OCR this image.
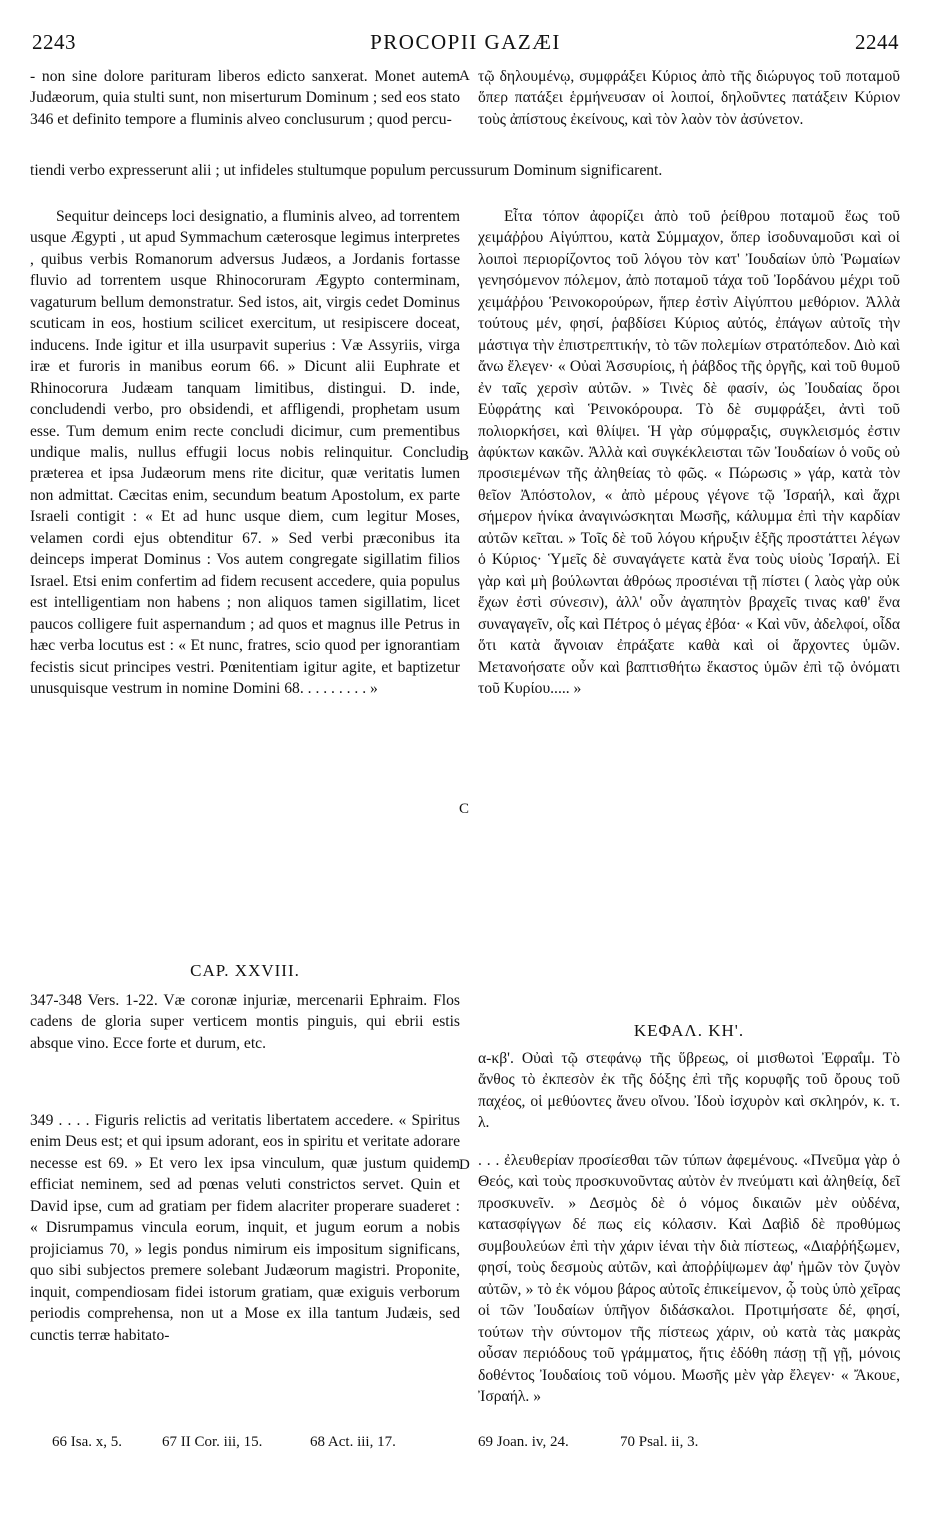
2243	PROCOPII GAZÆI	2244

- non sine dolore parituram liberos edicto sanxerat. Monet autem Judæorum, quia stulti sunt, non miserturum Dominum ; sed eos stato 346 et definito tempore a fluminis alveo conclusurum ; quod percu-

tiendi verbo expresserunt alii ; ut infideles stultumque populum percussurum Dominum significarent.

Sequitur deinceps loci designatio, a fluminis alveo, ad torrentem usque Ægypti , ut apud Symmachum cæterosque legimus interpretes , quibus verbis Romanorum adversus Judæos, a Jordanis fortasse fluvio ad torrentem usque Rhinocoruram Ægypto conterminam, vagaturum bellum demonstratur. Sed istos, ait, virgis cedet Dominus scuticam in eos, hostium scilicet exercitum, ut resipiscere doceat, inducens. Inde igitur et illa usurpavit superius : Væ Assyriis, virga iræ et furoris in manibus eorum 66. » Dicunt alii Euphrate et Rhinocorura Judæam tanquam limitibus, distingui. D. inde, concludendi verbo, pro obsidendi, et affligendi, prophetam usum esse. Tum demum enim recte concludi dicimur, cum prementibus undique malis, nullus effugii locus nobis relinquitur. Concludi præterea et ipsa Judæorum mens rite dicitur, quæ veritatis lumen non admittat. Cæcitas enim, secundum beatum Apostolum, ex parte Israeli contigit : « Et ad hunc usque diem, cum legitur Moses, velamen cordi ejus obtenditur 67. » Sed verbi præconibus ita deinceps imperat Dominus : Vos autem congregate sigillatim filios Israel. Etsi enim confertim ad fidem recusent accedere, quia populus est intelligentiam non habens ; non aliquos tamen sigillatim, licet paucos colligere fuit aspernandum ; ad quos et magnus ille Petrus in hæc verba locutus est : « Et nunc, fratres, scio quod per ignorantiam fecistis sicut principes vestri. Pœnitentiam igitur agite, et baptizetur unusquisque vestrum in nomine Domini 68. . . . . . . . . »

CAP. XXVIII.

347-348 Vers. 1-22. Væ coronæ injuriæ, mercenarii Ephraim. Flos cadens de gloria super verticem montis pinguis, qui ebrii estis absque vino. Ecce forte et durum, etc.

349 . . . . Figuris relictis ad veritatis libertatem accedere. « Spiritus enim Deus est; et qui ipsum adorant, eos in spiritu et veritate adorare necesse est 69. » Et vero lex ipsa vinculum, quæ justum quidem efficiat neminem, sed ad pœnas veluti constrictos servet. Quin et David ipse, cum ad gratiam per fidem alacriter properare suaderet : « Disrumpamus vincula eorum, inquit, et jugum eorum a nobis projiciamus 70, » legis pondus nimirum eis impositum significans, quo sibi subjectos premere solebant Judæorum magistri. Proponite, inquit, compendiosam fidei istorum gratiam, quæ exiguis verborum periodis comprehensa, non ut a Mose ex illa tantum Judæis, sed cunctis terræ habitato-

τῷ δηλουμένῳ, συμφράξει Κύριος ἀπὸ τῆς διώρυγος τοῦ ποταμοῦ ὅπερ πατάξει ἑρμήνευσαν οἱ λοιποί, δηλοῦντες πατάξειν Κύριον τοὺς ἀπίστους ἐκείνους, καὶ τὸν λαὸν τὸν ἀσύνετον.

Εἶτα τόπον ἀφορίζει ἀπὸ τοῦ ῥείθρου ποταμοῦ ἕως τοῦ χειμάῤῥου Αἰγύπτου, κατὰ Σύμμαχον, ὅπερ ἰσοδυναμοῦσι καὶ οἱ λοιποὶ περιορίζοντος τοῦ λόγου τὸν κατ' Ἰουδαίων ὑπὸ Ῥωμαίων γενησόμενον πόλεμον, ἀπὸ ποταμοῦ τάχα τοῦ Ἰορδάνου μέχρι τοῦ χειμάῤῥου Ῥεινοκορούρων, ἥπερ ἐστὶν Αἰγύπτου μεθόριον. Ἀλλὰ τούτους μέν, φησί, ῥαβδίσει Κύριος αὐτός, ἐπάγων αὐτοῖς τὴν μάστιγα τὴν ἐπιστρεπτικήν, τὸ τῶν πολεμίων στρατόπεδον. Διὸ καὶ ἄνω ἔλεγεν· « Οὐαὶ Ἀσσυρίοις, ἡ ῥάβδος τῆς ὀργῆς, καὶ τοῦ θυμοῦ ἐν ταῖς χερσὶν αὐτῶν. » Τινὲς δὲ φασίν, ὡς Ἰουδαίας ὅροι Εὐφράτης καὶ Ῥεινοκόρουρα. Τὸ δὲ συμφράξει, ἀντὶ τοῦ πολιορκήσει, καὶ θλίψει. Ἡ γὰρ σύμφραξις, συγκλεισμός ἐστιν ἀφύκτων κακῶν. Ἀλλὰ καὶ συγκέκλεισται τῶν Ἰουδαίων ὁ νοῦς οὐ προσιεμένων τῆς ἀληθείας τὸ φῶς. « Πώρωσις » γάρ, κατὰ τὸν θεῖον Ἀπόστολον, « ἀπὸ μέρους γέγονε τῷ Ἰσραήλ, καὶ ἄχρι σήμερον ἡνίκα ἀναγινώσκηται Μωσῆς, κάλυμμα ἐπὶ τὴν καρδίαν αὐτῶν κεῖται. » Τοῖς δὲ τοῦ λόγου κήρυξιν ἑξῆς προστάττει λέγων ὁ Κύριος· Ὑμεῖς δὲ συναγάγετε κατὰ ἕνα τοὺς υἱοὺς Ἰσραήλ. Εἰ γὰρ καὶ μὴ βούλωνται ἀθρόως προσιέναι τῇ πίστει ( λαὸς γὰρ οὐκ ἔχων ἐστὶ σύνεσιν), ἀλλ' οὖν ἀγαπητὸν βραχεῖς τινας καθ' ἕνα συναγαγεῖν, οἷς καὶ Πέτρος ὁ μέγας ἐβόα· « Καὶ νῦν, ἀδελφοί, οἶδα ὅτι κατὰ ἄγνοιαν ἐπράξατε καθὰ καὶ οἱ ἄρχοντες ὑμῶν. Μετανοήσατε οὖν καὶ βαπτισθήτω ἕκαστος ὑμῶν ἐπὶ τῷ ὀνόματι τοῦ Κυρίου..... »

ΚΕΦΑΛ. ΚΗ'.

α-κβ'. Οὐαὶ τῷ στεφάνῳ τῆς ὕβρεως, οἱ μισθωτοὶ Ἐφραΐμ. Τὸ ἄνθος τὸ ἐκπεσὸν ἐκ τῆς δόξης ἐπὶ τῆς κορυφῆς τοῦ ὄρους τοῦ παχέος, οἱ μεθύοντες ἄνευ οἴνου. Ἰδοὺ ἰσχυρὸν καὶ σκληρόν, κ. τ. λ.

. . . ἐλευθερίαν προσίεσθαι τῶν τύπων ἀφεμένους. «Πνεῦμα γὰρ ὁ Θεός, καὶ τοὺς προσκυνοῦντας αὐτὸν ἐν πνεύματι καὶ ἀληθείᾳ, δεῖ προσκυνεῖν. » Δεσμὸς δὲ ὁ νόμος δικαιῶν μὲν οὐδένα, κατασφίγγων δέ πως εἰς κόλασιν. Καὶ Δαβὶδ δὲ προθύμως συμβουλεύων ἐπὶ τὴν χάριν ἰέναι τὴν διὰ πίστεως, «Διαῤῥήξωμεν, φησί, τοὺς δεσμοὺς αὐτῶν, καὶ ἀποῤῥίψωμεν ἀφ' ἡμῶν τὸν ζυγὸν αὐτῶν, » τὸ ἐκ νόμου βάρος αὐτοῖς ἐπικείμενον, ᾧ τοὺς ὑπὸ χεῖρας οἱ τῶν Ἰουδαίων ὑπῆγον διδάσκαλοι. Προτιμήσατε δέ, φησί, τούτων τὴν σύντομον τῆς πίστεως χάριν, οὐ κατὰ τὰς μακρὰς οὖσαν περιόδους τοῦ γράμματος, ἥτις ἐδόθη πάσῃ τῇ γῇ, μόνοις δοθέντος Ἰουδαίοις τοῦ νόμου. Μωσῆς μὲν γὰρ ἔλεγεν· « Ἄκουε, Ἰσραήλ. »

A
B
C
D
66 Isa. x, 5.	67 II Cor. iii, 15.	68 Act. iii, 17.	69 Joan. iv, 24.	70 Psal. ii, 3.
